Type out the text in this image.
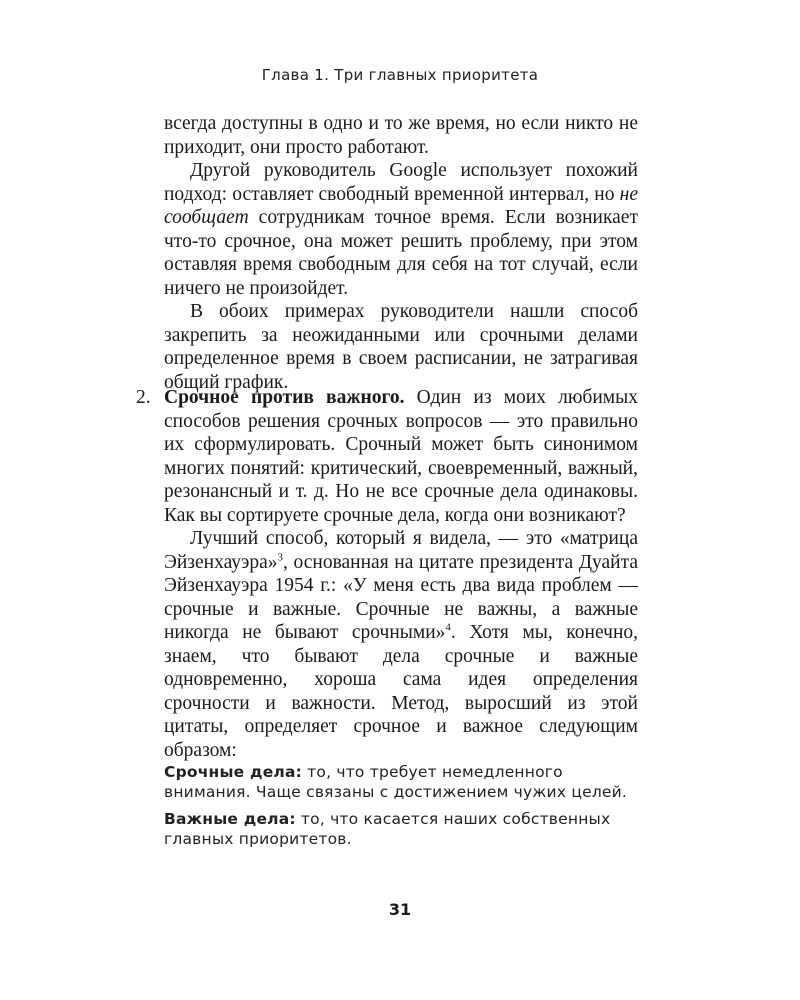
Глава 1. Три главных приоритета

всегда доступны в одно и то же время, но если никто не приходит, они просто работают.

Другой руководитель Google использует похожий подход: оставляет свободный временной интервал, но не сообщает сотрудникам точное время. Если возникает что-то срочное, она может решить проблему, при этом оставляя время свободным для себя на тот случай, если ничего не произойдет.

В обоих примерах руководители нашли способ закрепить за неожиданными или срочными делами определенное время в своем расписании, не затрагивая общий график.

2. Срочное против важного. Один из моих любимых способов решения срочных вопросов — это правильно их сформулировать. Срочный может быть синонимом многих понятий: критический, своевременный, важный, резонансный и т. д. Но не все срочные дела одинаковы. Как вы сортируете срочные дела, когда они возникают?

Лучший способ, который я видела, — это «матрица Эйзенхауэра»$^3$, основанная на цитате президента Дуайта Эйзенхауэра 1954 г.: «У меня есть два вида проблем — срочные и важные. Срочные не важны, а важные никогда не бывают срочными»$^4$. Хотя мы, конечно, знаем, что бывают дела срочные и важные одновременно, хороша сама идея определения срочности и важности. Метод, выросший из этой цитаты, определяет срочное и важное следующим образом:

Срочные дела: то, что требует немедленного внимания. Чаще связаны с достижением чужих целей.

Важные дела: то, что касается наших собственных главных приоритетов.

31
